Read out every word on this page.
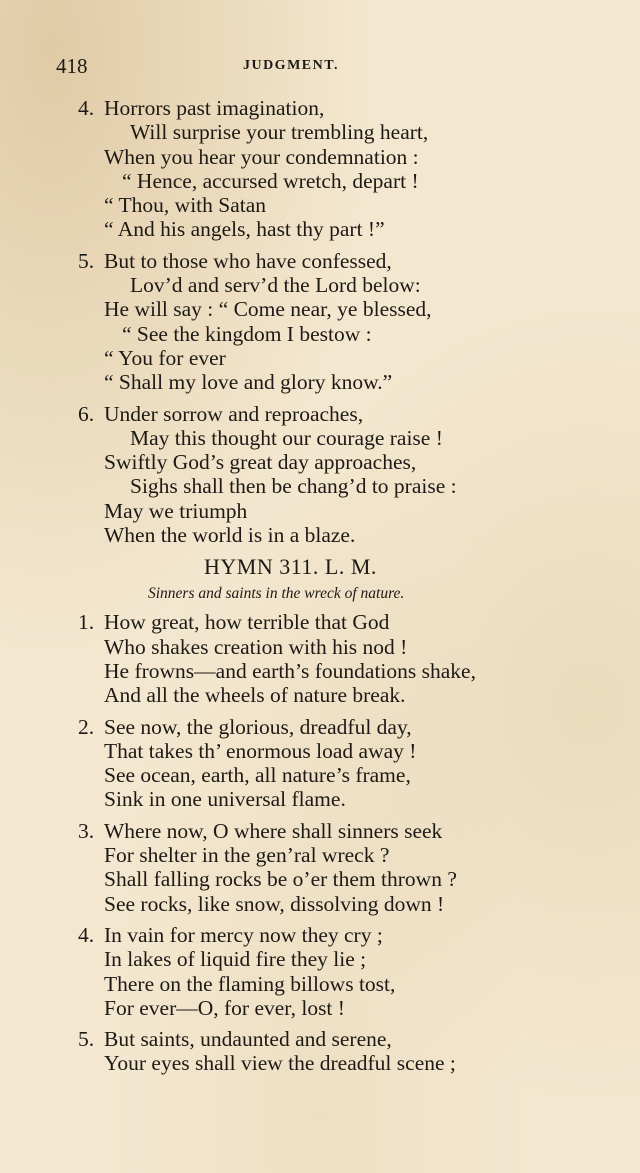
418	JUDGMENT.
4. Horrors past imagination,
Will surprise your trembling heart,
When you hear your condemnation :
“ Hence, accursed wretch, depart !
“ Thou, with Satan
“ And his angels, hast thy part !”
5. But to those who have confessed,
Lov’d and serv’d the Lord below:
He will say : “ Come near, ye blessed,
“ See the kingdom I bestow :
“ You for ever
“ Shall my love and glory know.”
6. Under sorrow and reproaches,
May this thought our courage raise !
Swiftly God’s great day approaches,
Sighs shall then be chang’d to praise :
May we triumph
When the world is in a blaze.
HYMN 311. L. M.
Sinners and saints in the wreck of nature.
1. How great, how terrible that God
Who shakes creation with his nod !
He frowns—and earth’s foundations shake,
And all the wheels of nature break.
2. See now, the glorious, dreadful day,
That takes th’ enormous load away !
See ocean, earth, all nature’s frame,
Sink in one universal flame.
3. Where now, O where shall sinners seek
For shelter in the gen’ral wreck ?
Shall falling rocks be o’er them thrown ?
See rocks, like snow, dissolving down !
4. In vain for mercy now they cry ;
In lakes of liquid fire they lie ;
There on the flaming billows tost,
For ever—O, for ever, lost !
5. But saints, undaunted and serene,
Your eyes shall view the dreadful scene ;
